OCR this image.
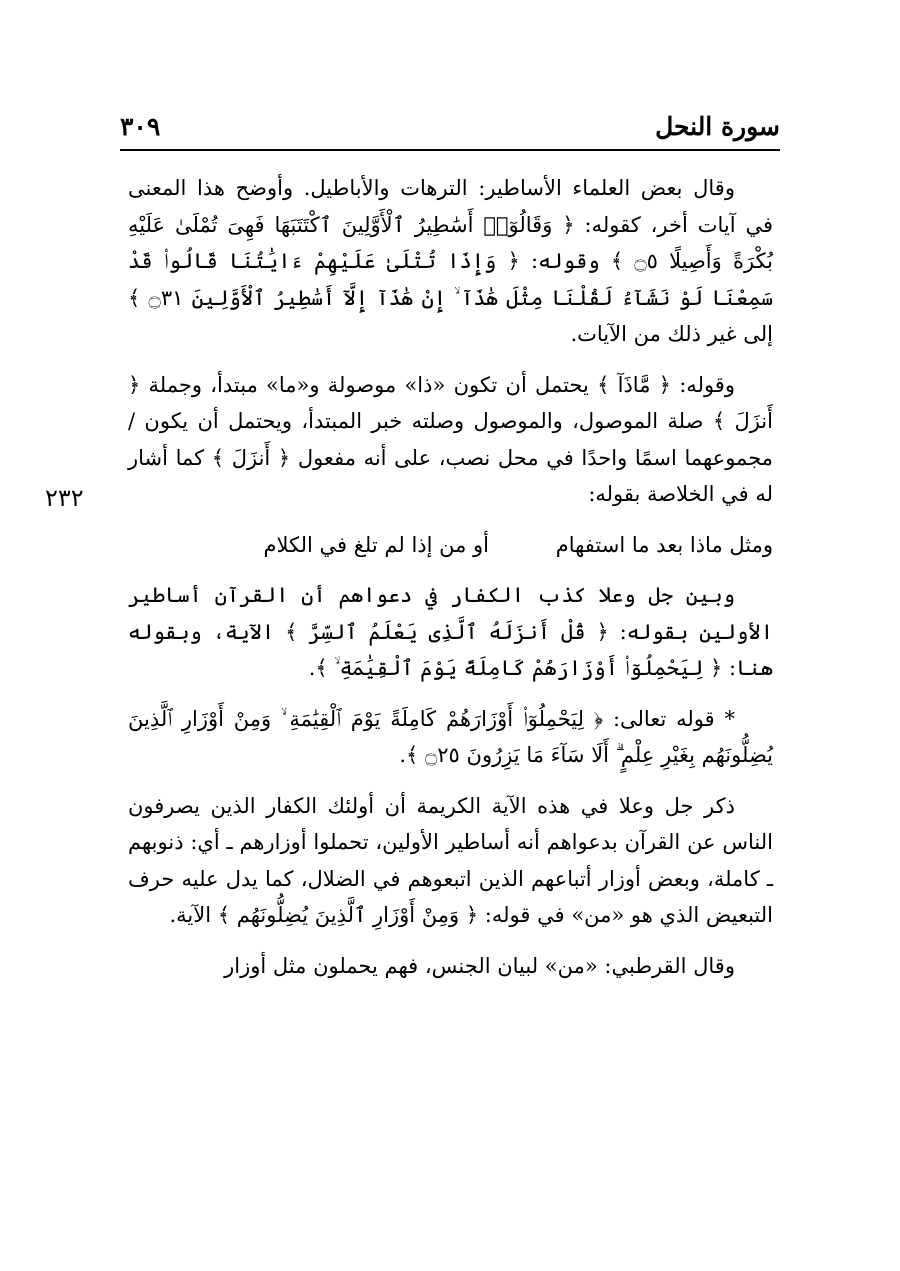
سورة النحل
٣٠٩
٢٣٢

وقال بعض العلماء الأساطير: الترهات والأباطيل. وأوضح هذا المعنى في آيات أخر، كقوله: ﴿ وَقَالُوٓا۟ أَسَٰطِيرُ ٱلْأَوَّلِينَ ٱكْتَتَبَهَا فَهِىَ تُمْلَىٰ عَلَيْهِ بُكْرَةً وَأَصِيلًا ۝٥ ﴾ وقوله: ﴿ وَإِذَا تُتْلَىٰ عَلَيْهِمْ ءَايَٰتُنَا قَالُوا۟ قَدْ سَمِعْنَا لَوْ نَشَآءُ لَقُلْنَا مِثْلَ هَٰذَآ ۙ إِنْ هَٰذَآ إِلَّآ أَسَٰطِيرُ ٱلْأَوَّلِينَ ۝٣١ ﴾ إلى غير ذلك من الآيات.

وقوله: ﴿ مَّاذَآ ﴾ يحتمل أن تكون «ذا» موصولة و«ما» مبتدأ، وجملة ﴿ أَنزَلَ ﴾ صلة الموصول، والموصول وصلته خبر المبتدأ، ويحتمل أن يكون / مجموعهما اسمًا واحدًا في محل نصب، على أنه مفعول ﴿ أَنزَلَ ﴾ كما أشار له في الخلاصة بقوله:

ومثل ماذا بعد ما استفهام أو من إذا لم تلغ في الكلام

وبين جل وعلا كذب الكفار في دعواهم أن القرآن أساطير الأولين بقوله: ﴿ قُلْ أَنزَلَهُ ٱلَّذِى يَعْلَمُ ٱلسِّرَّ ﴾ الآية، وبقوله هنا: ﴿ لِيَحْمِلُوٓا۟ أَوْزَارَهُمْ كَامِلَةً يَوْمَ ٱلْقِيَٰمَةِ ۙ ﴾.

* قوله تعالى: ﴿ لِيَحْمِلُوٓا۟ أَوْزَارَهُمْ كَامِلَةً يَوْمَ ٱلْقِيَٰمَةِ ۙ وَمِنْ أَوْزَارِ ٱلَّذِينَ يُضِلُّونَهُم بِغَيْرِ عِلْمٍ ۗ أَلَا سَآءَ مَا يَزِرُونَ ۝٢٥ ﴾.

ذكر جل وعلا في هذه الآية الكريمة أن أولئك الكفار الذين يصرفون الناس عن القرآن بدعواهم أنه أساطير الأولين، تحملوا أوزارهم ـ أي: ذنوبهم ـ كاملة، وبعض أوزار أتباعهم الذين اتبعوهم في الضلال، كما يدل عليه حرف التبعيض الذي هو «من» في قوله: ﴿ وَمِنْ أَوْزَارِ ٱلَّذِينَ يُضِلُّونَهُم ﴾ الآية.

وقال القرطبي: «من» لبيان الجنس، فهم يحملون مثل أوزار
